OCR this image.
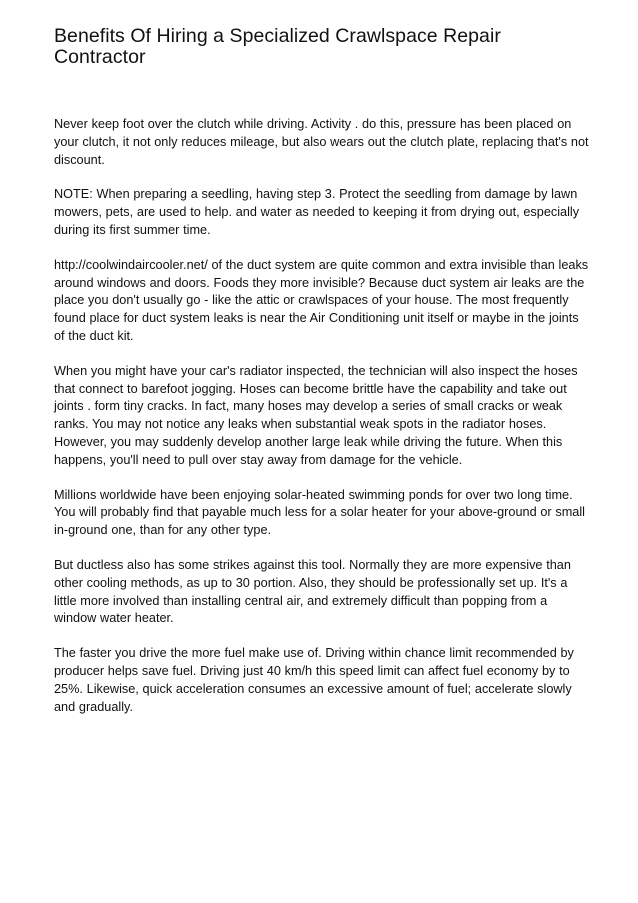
Benefits Of Hiring a Specialized Crawlspace Repair Contractor

Never keep foot over the clutch while driving. Activity . do this, pressure has been placed on your clutch, it not only reduces mileage, but also wears out the clutch plate, replacing that's not discount.

NOTE: When preparing a seedling, having step 3. Protect the seedling from damage by lawn mowers, pets, are used to help. and water as needed to keeping it from drying out, especially during its first summer time.

http://coolwindaircooler.net/ of the duct system are quite common and extra invisible than leaks around windows and doors. Foods they more invisible? Because duct system air leaks are the place you don't usually go - like the attic or crawlspaces of your house. The most frequently found place for duct system leaks is near the Air Conditioning unit itself or maybe in the joints of the duct kit.

When you might have your car's radiator inspected, the technician will also inspect the hoses that connect to barefoot jogging. Hoses can become brittle have the capability and take out joints . form tiny cracks. In fact, many hoses may develop a series of small cracks or weak ranks. You may not notice any leaks when substantial weak spots in the radiator hoses. However, you may suddenly develop another large leak while driving the future. When this happens, you'll need to pull over stay away from damage for the vehicle.

Millions worldwide have been enjoying solar-heated swimming ponds for over two long time. You will probably find that payable much less for a solar heater for your above-ground or small in-ground one, than for any other type.

But ductless also has some strikes against this tool. Normally they are more expensive than other cooling methods, as up to 30 portion. Also, they should be professionally set up. It's a little more involved than installing central air, and extremely difficult than popping from a window water heater.

The faster you drive the more fuel make use of. Driving within chance limit recommended by producer helps save fuel. Driving just 40 km/h this speed limit can affect fuel economy by to 25%. Likewise, quick acceleration consumes an excessive amount of fuel; accelerate slowly and gradually.
